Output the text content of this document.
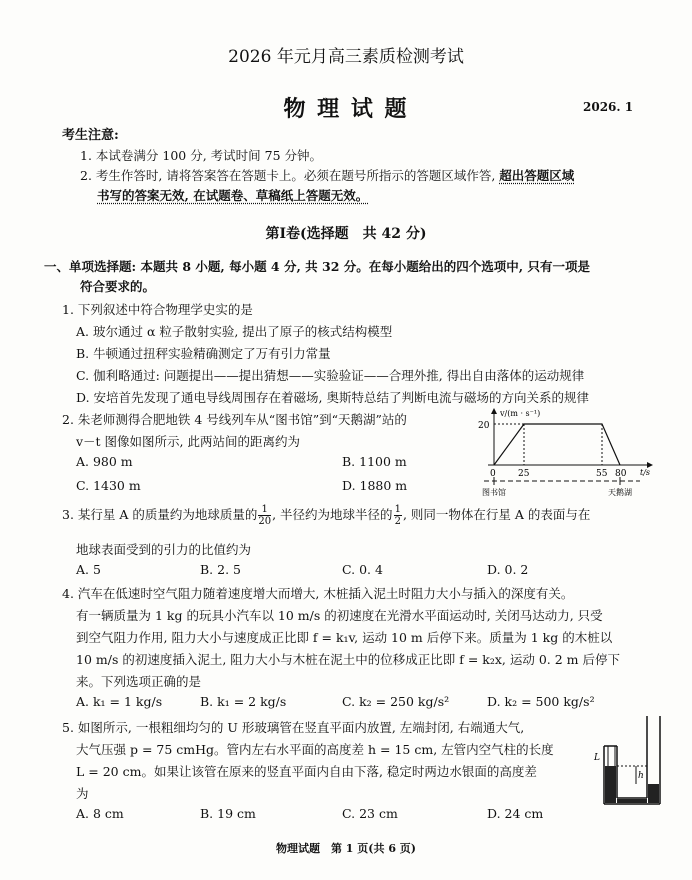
2026 年元月高三素质检测考试
物 理 试 题	2026. 1
考生注意:
1. 本试卷满分 100 分, 考试时间 75 分钟。
2. 考生作答时, 请将答案答在答题卡上。必须在题号所指示的答题区域作答, 超出答题区域
书写的答案无效, 在试题卷、草稿纸上答题无效。
第Ⅰ卷(选择题　共 42 分)
一、单项选择题: 本题共 8 小题, 每小题 4 分, 共 32 分。在每小题给出的四个选项中, 只有一项是
符合要求的。
1. 下列叙述中符合物理学史实的是
A. 玻尔通过 α 粒子散射实验, 提出了原子的核式结构模型
B. 牛顿通过扭秤实验精确测定了万有引力常量
C. 伽利略通过: 问题提出——提出猜想——实验验证——合理外推, 得出自由落体的运动规律
D. 安培首先发现了通电导线周围存在着磁场, 奥斯特总结了判断电流与磁场的方向关系的规律
2. 朱老师测得合肥地铁 4 号线列车从“图书馆”到“天鹅湖”站的
v－t 图像如图所示, 此两站间的距离约为
A. 980 m	B. 1100 m
C. 1430 m	D. 1880 m
v/(m · s⁻¹)
20
0 25	55 80 t/s
图书馆	天鹅湖
3. 某行星 A 的质量约为地球质量的 $\frac{1}{20}$ , 半径约为地球半径的 $\frac{1}{2}$ , 则同一物体在行星 A 的表面与在
地球表面受到的引力的比值约为
A. 5	B. 2. 5	C. 0. 4	D. 0. 2
4. 汽车在低速时空气阻力随着速度增大而增大, 木桩插入泥土时阻力大小与插入的深度有关。
有一辆质量为 1 kg 的玩具小汽车以 10 m/s 的初速度在光滑水平面运动时, 关闭马达动力, 只受
到空气阻力作用, 阻力大小与速度成正比即 f = k₁v, 运动 10 m 后停下来。质量为 1 kg 的木桩以
10 m/s 的初速度插入泥土, 阻力大小与木桩在泥土中的位移成正比即 f = k₂x, 运动 0. 2 m 后停下
来。下列选项正确的是
A. k₁ = 1 kg/s	B. k₁ = 2 kg/s	C. k₂ = 250 kg/s²	D. k₂ = 500 kg/s²
5. 如图所示, 一根粗细均匀的 U 形玻璃管在竖直平面内放置, 左端封闭, 右端通大气,
大气压强 p = 75 cmHg。管内左右水平面的高度差 h = 15 cm, 左管内空气柱的长度
L = 20 cm。如果让该管在原来的竖直平面内自由下落, 稳定时两边水银面的高度差
为
A. 8 cm	B. 19 cm	C. 23 cm	D. 24 cm
L
h
物理试题　第 1 页(共 6 页)
